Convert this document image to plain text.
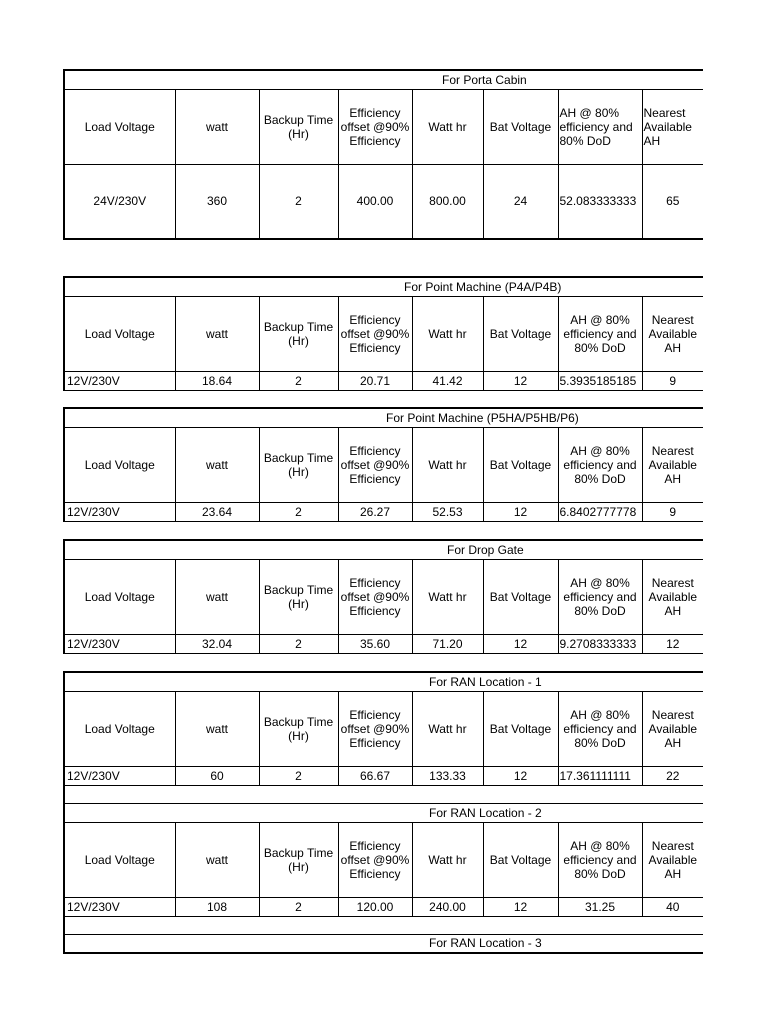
For Porta Cabin							
Load Voltage	watt	Backup Time (Hr)	Efficiency offset @90% Efficiency	Watt hr	Bat Voltage	AH @ 80% efficiency and 80% DoD	Nearest Available AH
24V/230V	360	2	400.00	800.00	24	52.083333333	65
For Point Machine (P4A/P4B)							
Load Voltage	watt	Backup Time (Hr)	Efficiency offset @90% Efficiency	Watt hr	Bat Voltage	AH @ 80% efficiency and 80% DoD	Nearest Available AH
12V/230V	18.64	2	20.71	41.42	12	5.3935185185	9
For Point Machine (P5HA/P5HB/P6)							
Load Voltage	watt	Backup Time (Hr)	Efficiency offset @90% Efficiency	Watt hr	Bat Voltage	AH @ 80% efficiency and 80% DoD	Nearest Available AH
12V/230V	23.64	2	26.27	52.53	12	6.8402777778	9
For Drop Gate							
Load Voltage	watt	Backup Time (Hr)	Efficiency offset @90% Efficiency	Watt hr	Bat Voltage	AH @ 80% efficiency and 80% DoD	Nearest Available AH
12V/230V	32.04	2	35.60	71.20	12	9.2708333333	12
For RAN Location - 1							
Load Voltage	watt	Backup Time (Hr)	Efficiency offset @90% Efficiency	Watt hr	Bat Voltage	AH @ 80% efficiency and 80% DoD	Nearest Available AH
12V/230V	60	2	66.67	133.33	12	17.361111111	22

For RAN Location - 2							
Load Voltage	watt	Backup Time (Hr)	Efficiency offset @90% Efficiency	Watt hr	Bat Voltage	AH @ 80% efficiency and 80% DoD	Nearest Available AH
12V/230V	108	2	120.00	240.00	12	31.25	40

For RAN Location - 3							
